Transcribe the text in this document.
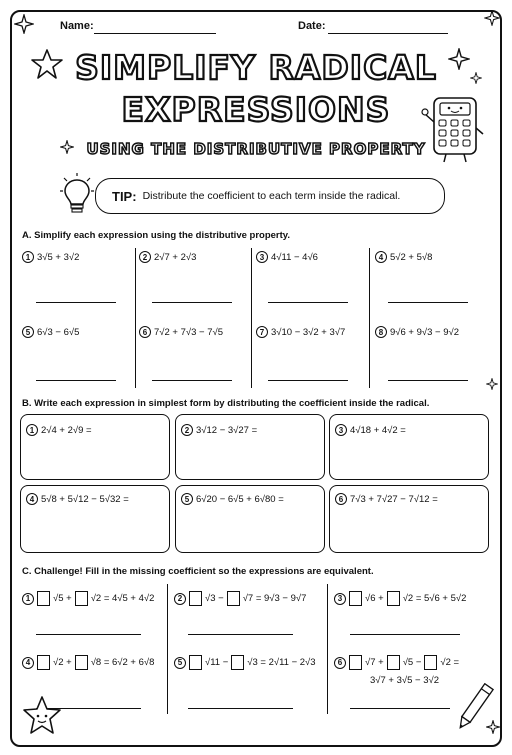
Name:	Date:
SIMPLIFY RADICAL
EXPRESSIONS
USING THE DISTRIBUTIVE PROPERTY
TIP: Distribute the coefficient to each term inside the radical.
A. Simplify each expression using the distributive property.
1 3√5 + 3√2	2 2√7 + 2√3	3 4√11 − 4√6	4 5√2 + 5√8
5 6√3 − 6√5	6 7√2 + 7√3 − 7√5	7 3√10 − 3√2 + 3√7	8 9√6 + 9√3 − 9√2
B. Write each expression in simplest form by distributing the coefficient inside the radical.
1 2√4 + 2√9 =	2 3√12 − 3√27 =	3 4√18 + 4√2 =
4 5√8 + 5√12 − 5√32 =	5 6√20 − 6√5 + 6√80 =	6 7√3 + 7√27 − 7√12 =
C. Challenge! Fill in the missing coefficient so the expressions are equivalent.
1	√5 + √2 = 4√5 + 4√2	2	√3 − √7 = 9√3 − 9√7	3	√6 + √2 = 5√6 + 5√2
4	√2 + √8 = 6√2 + 6√8	5	√11 − √3 = 2√11 − 2√3	6	√7 + √5 − √2 =
3√7 + 3√5 − 3√2
